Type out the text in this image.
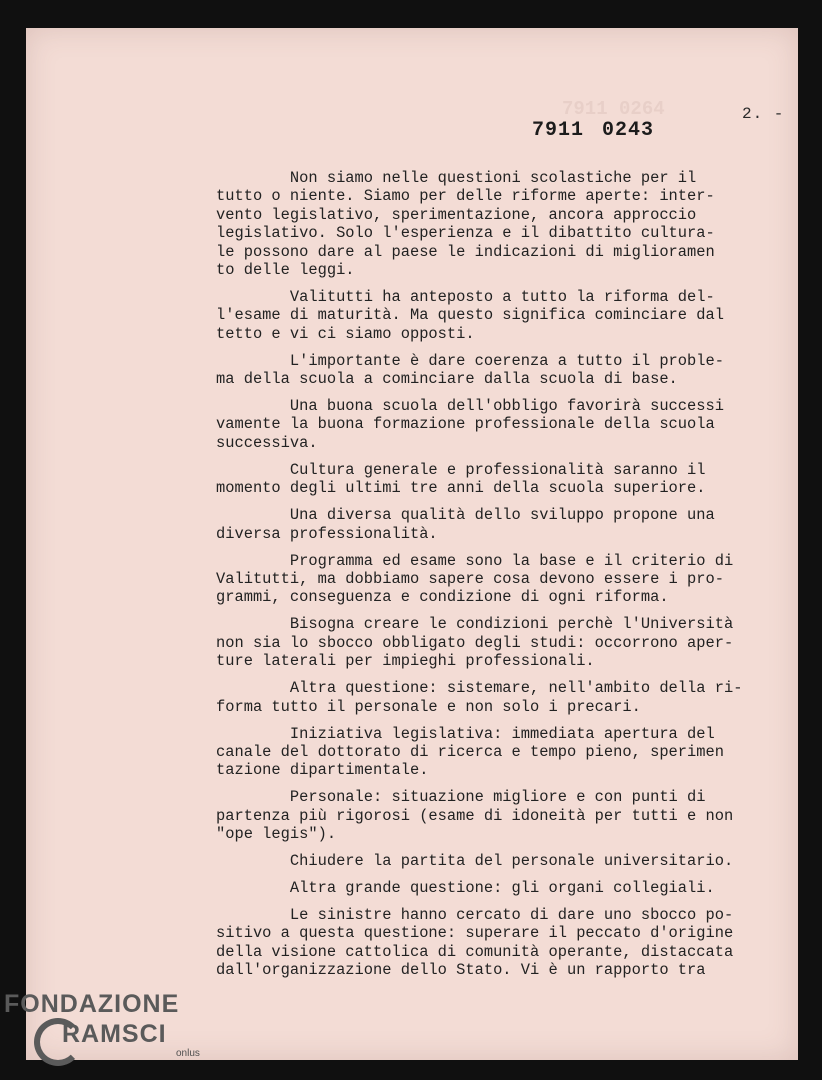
7911 0264	2. -
7911 0243
Non siamo nelle questioni scolastiche per il
tutto o niente. Siamo per delle riforme aperte: inter-
vento legislativo, sperimentazione, ancora approccio
legislativo. Solo l'esperienza e il dibattito cultura-
le possono dare al paese le indicazioni di miglioramen
to delle leggi.
Valitutti ha anteposto a tutto la riforma del-
l'esame di maturità. Ma questo significa cominciare dal
tetto e vi ci siamo opposti.
L'importante è dare coerenza a tutto il proble-
ma della scuola a cominciare dalla scuola di base.
Una buona scuola dell'obbligo favorirà successi
vamente la buona formazione professionale della scuola
successiva.
Cultura generale e professionalità saranno il
momento degli ultimi tre anni della scuola superiore.
Una diversa qualità dello sviluppo propone una
diversa professionalità.
Programma ed esame sono la base e il criterio di
Valitutti, ma dobbiamo sapere cosa devono essere i pro-
grammi, conseguenza e condizione di ogni riforma.
Bisogna creare le condizioni perchè l'Università
non sia lo sbocco obbligato degli studi: occorrono aper-
ture laterali per impieghi professionali.
Altra questione: sistemare, nell'ambito della ri-
forma tutto il personale e non solo i precari.
Iniziativa legislativa: immediata apertura del
canale del dottorato di ricerca e tempo pieno, sperimen
tazione dipartimentale.
Personale: situazione migliore e con punti di
partenza più rigorosi (esame di idoneità per tutti e non
"ope legis").
Chiudere la partita del personale universitario.
Altra grande questione: gli organi collegiali.
Le sinistre hanno cercato di dare uno sbocco po-
sitivo a questa questione: superare il peccato d'origine
della visione cattolica di comunità operante, distaccata
dall'organizzazione dello Stato. Vi è un rapporto tra
FONDAZIONE
RAMSCI
onlus
